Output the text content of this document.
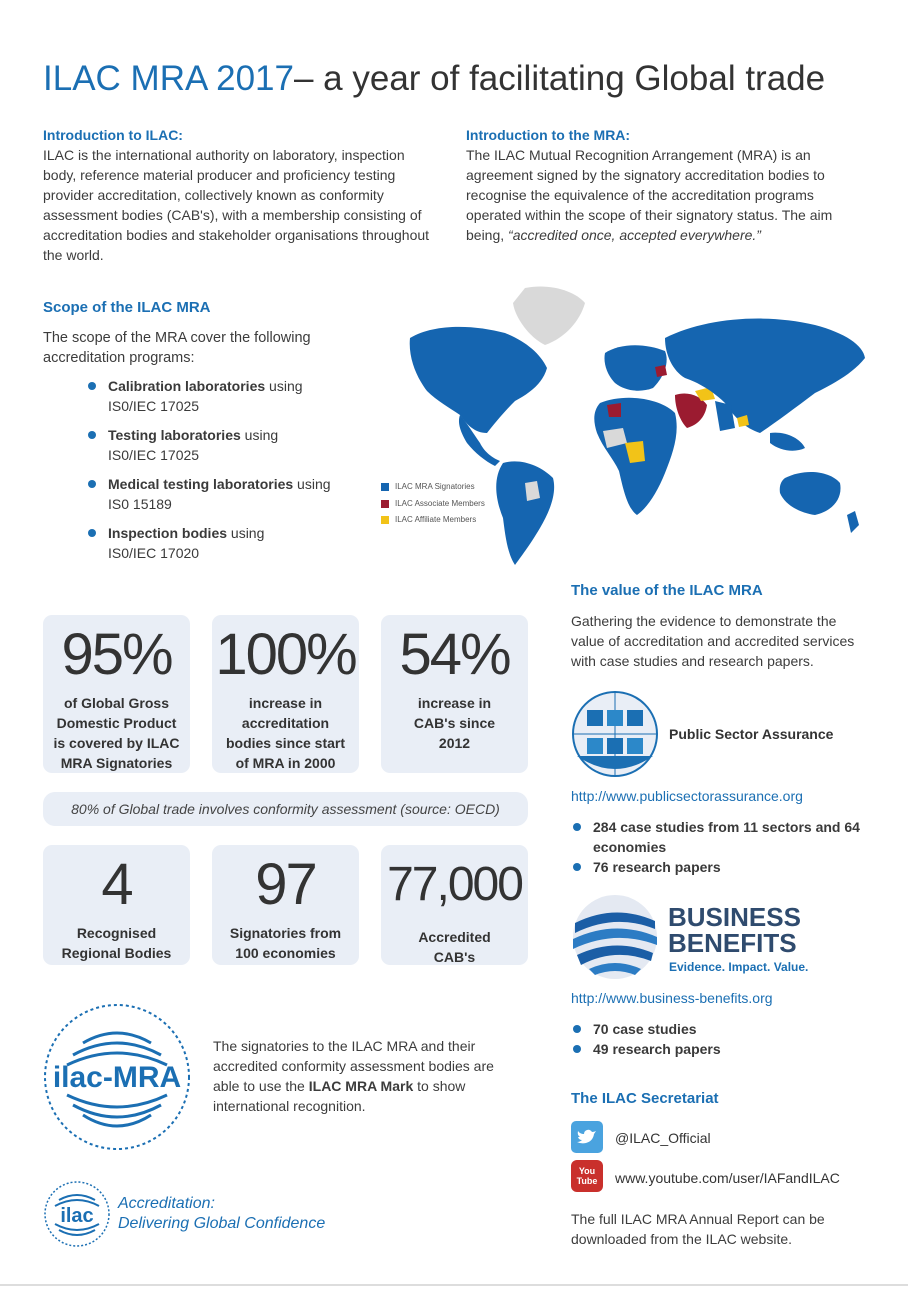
ILAC MRA 2017– a year of facilitating Global trade

Introduction to ILAC:

ILAC is the international authority on laboratory, inspection body, reference material producer and proficiency testing provider accreditation, collectively known as conformity assessment bodies (CAB's), with a membership consisting of accreditation bodies and stakeholder organisations throughout the world.

Introduction to the MRA:

The ILAC Mutual Recognition Arrangement (MRA) is an agreement signed by the signatory accreditation bodies to recognise the equivalence of the accreditation programs operated within the scope of their signatory status. The aim being, “accredited once, accepted everywhere.”

Scope of the ILAC MRA

The scope of the MRA cover the following accreditation programs:

Calibration laboratories using
IS0/IEC 17025
Testing laboratories using
IS0/IEC 17025
Medical testing laboratories using
IS0 15189
Inspection bodies using
IS0/IEC 17020
ILAC MRA Signatories
ILAC Associate Members
ILAC Affiliate Members
95%
of Global Gross Domestic Product is covered by ILAC MRA Signatories
100%
increase in accreditation bodies since start of MRA in 2000
54%
increase in CAB's since 2012
80% of Global trade involves conformity assessment (source: OECD)
4
Recognised Regional Bodies
97
Signatories from 100 economies
77,000
Accredited CAB's
ilac-MRA

The signatories to the ILAC MRA and their accredited conformity assessment bodies are able to use the ILAC MRA Mark to show international recognition.

ilac
Accreditation:
Delivering Global Confidence

The value of the ILAC MRA

Gathering the evidence to demonstrate the value of accreditation and accredited services with case studies and research papers.

Public Sector Assurance
http://www.publicsectorassurance.org
284 case studies from 11 sectors and 64 economies
76 research papers
BUSINESS
BENEFITS
Evidence. Impact. Value.
http://www.business-benefits.org
70 case studies
49 research papers

The ILAC Secretariat

@ILAC_Official
You Tube	www.youtube.com/user/IAFandILAC

The full ILAC MRA Annual Report can be downloaded from the ILAC website.
